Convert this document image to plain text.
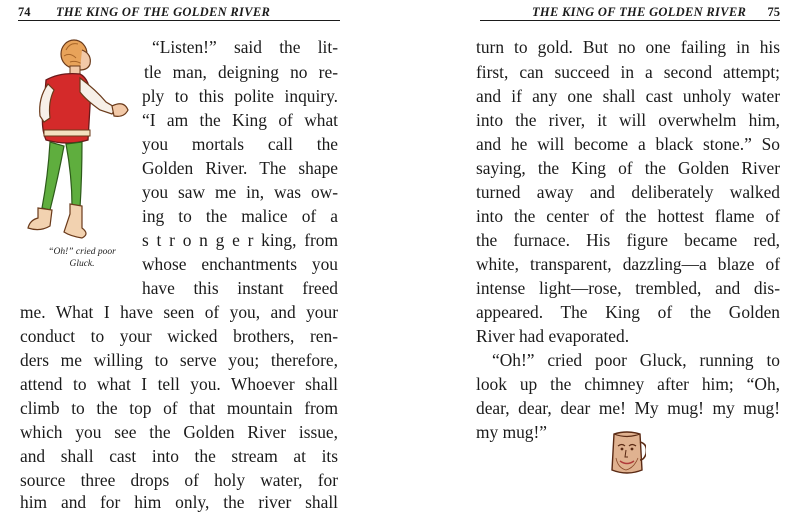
74 THE KING OF THE GOLDEN RIVER
“Oh!” cried poor
Gluck.
“Listen!” said the lit-
tle man, deigning no re-
ply to this polite inquiry.
“I am the King of what
you mortals call the
Golden River. The shape
you saw me in, was ow-
ing to the malice of a
s t r o n g e r king, from
whose enchantments you
have this instant freed
me. What I have seen of you, and your
conduct to your wicked brothers, ren-
ders me willing to serve you; therefore,
attend to what I tell you. Whoever shall
climb to the top of that mountain from
which you see the Golden River issue,
and shall cast into the stream at its
source three drops of holy water, for
him and for him only, the river shall
THE KING OF THE GOLDEN RIVER 75
turn to gold. But no one failing in his
first, can succeed in a second attempt;
and if any one shall cast unholy water
into the river, it will overwhelm him,
and he will become a black stone.” So
saying, the King of the Golden River
turned away and deliberately walked
into the center of the hottest flame of
the furnace. His figure became red,
white, transparent, dazzling—a blaze of
intense light—rose, trembled, and dis-
appeared. The King of the Golden
River had evaporated.
“Oh!” cried poor Gluck, running to
look up the chimney after him; “Oh,
dear, dear, dear me! My mug! my mug!
my mug!”
